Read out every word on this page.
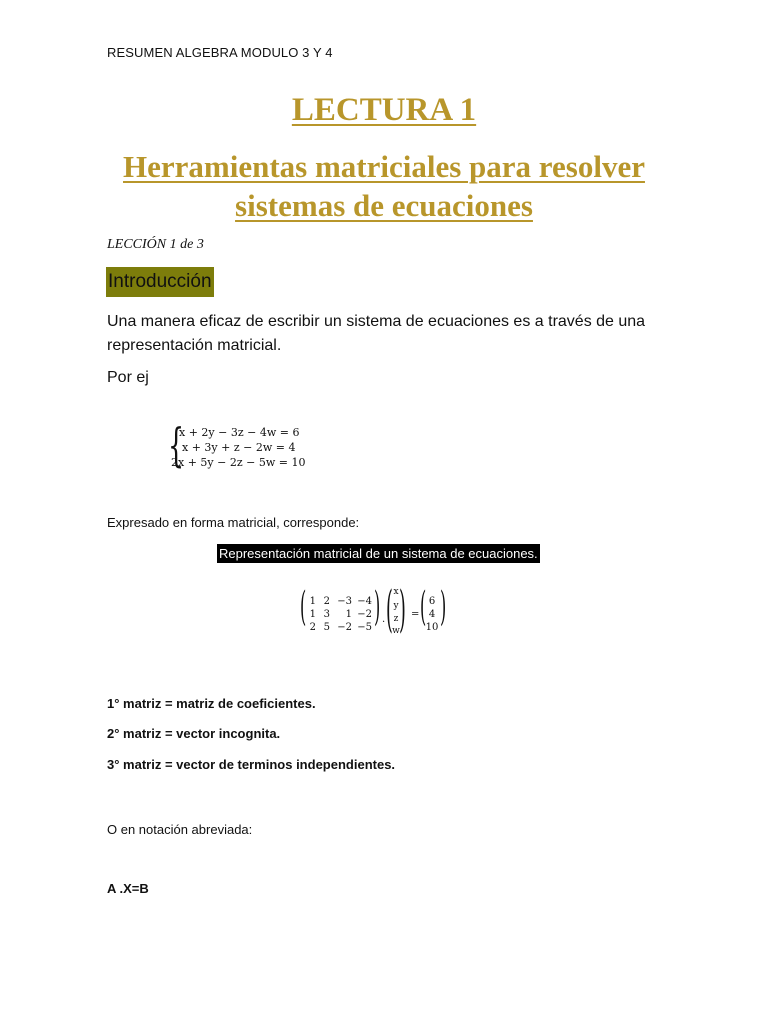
RESUMEN ALGEBRA MODULO 3 Y 4
LECTURA 1
Herramientas matriciales para resolver
sistemas de ecuaciones
LECCIÓN 1 de 3
Introducción
Una manera eficaz de escribir un sistema de ecuaciones es a través de una representación matricial.
Por ej
{
x + 2y − 3z − 4w = 6
x + 3y + z − 2w = 4
2x + 5y − 2z − 5w = 10
Expresado en forma matricial, corresponde:
Representación matricial de un sistema de ecuaciones.
( 1 2 −3 −4
1 3	1 −2
2 5 −2 −5 ) . ( x
y
z
w ) = ( 6
4
10 )
1° matriz = matriz de coeficientes.
2° matriz = vector incognita.
3° matriz = vector de terminos independientes.
O en notación abreviada:
A .X=B
